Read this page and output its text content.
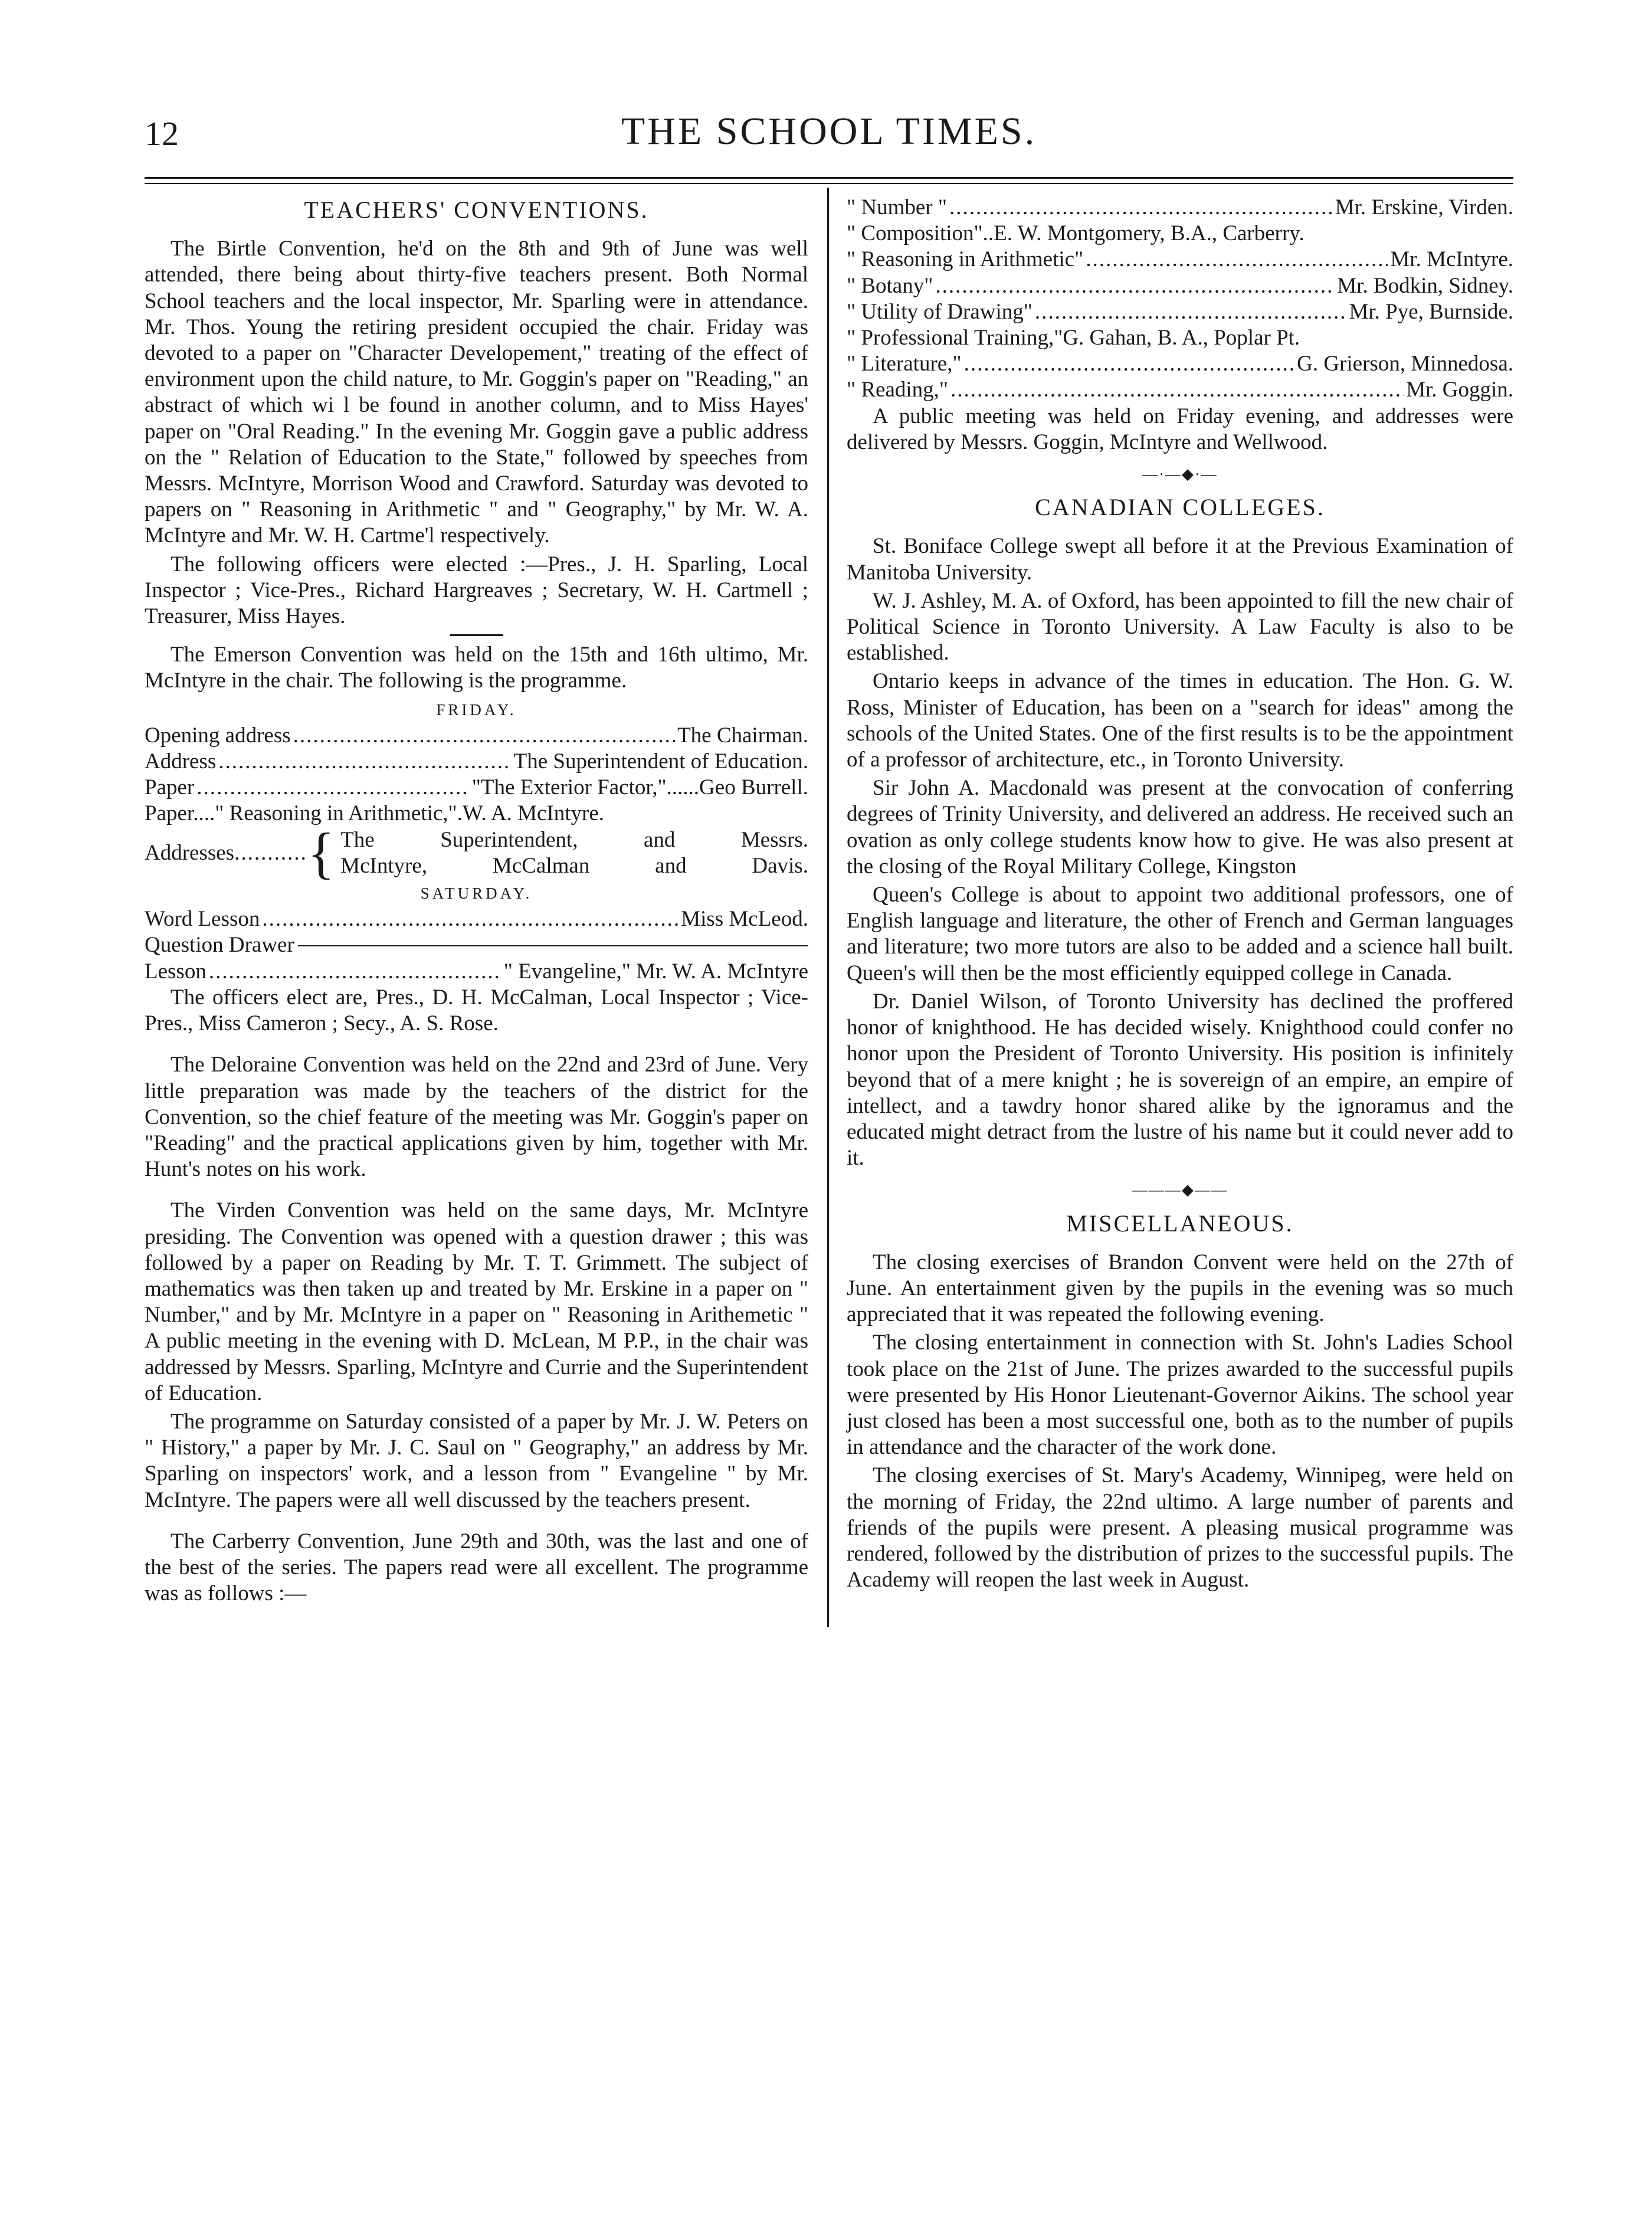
12	THE SCHOOL TIMES.
TEACHERS' CONVENTIONS.

The Birtle Convention, he'd on the 8th and 9th of June was well attended, there being about thirty-five teachers present. Both Normal School teachers and the local inspector, Mr. Sparling were in attendance. Mr. Thos. Young the retiring president occupied the chair. Friday was devoted to a paper on "Character Developement," treating of the effect of environment upon the child nature, to Mr. Goggin's paper on "Reading," an abstract of which wi l be found in another column, and to Miss Hayes' paper on "Oral Reading." In the evening Mr. Goggin gave a public address on the " Relation of Education to the State," followed by speeches from Messrs. McIntyre, Morrison Wood and Crawford. Saturday was devoted to papers on " Reasoning in Arithmetic " and " Geography," by Mr. W. A. McIntyre and Mr. W. H. Cartme'l respectively.

The following officers were elected :—Pres., J. H. Sparling, Local Inspector ; Vice-Pres., Richard Hargreaves ; Secretary, W. H. Cartmell ; Treasurer, Miss Hayes.

The Emerson Convention was held on the 15th and 16th ultimo, Mr. McIntyre in the chair. The following is the programme.

FRIDAY.
Opening address .....	The Chairman.
Address .....	The Superintendent of Education.
Paper .....	"The Exterior Factor,"......Geo Burrell.
Paper...." Reasoning in Arithmetic,". W. A. McIntyre.
Addresses ..... { The Superintendent, and Messrs.
McIntyre, McCalman and Davis.
SATURDAY.
Word Lesson .....	Miss McLeod.
Question Drawer
Lesson .....	" Evangeline," Mr. W. A. McIntyre

The officers elect are, Pres., D. H. McCalman, Local Inspector ; Vice-Pres., Miss Cameron ; Secy., A. S. Rose.

The Deloraine Convention was held on the 22nd and 23rd of June. Very little preparation was made by the teachers of the district for the Convention, so the chief feature of the meeting was Mr. Goggin's paper on "Reading" and the practical applications given by him, together with Mr. Hunt's notes on his work.

The Virden Convention was held on the same days, Mr. McIntyre presiding. The Convention was opened with a question drawer ; this was followed by a paper on Reading by Mr. T. T. Grimmett. The subject of mathematics was then taken up and treated by Mr. Erskine in a paper on " Number," and by Mr. McIntyre in a paper on " Reasoning in Arithemetic " A public meeting in the evening with D. McLean, M P.P., in the chair was addressed by Messrs. Sparling, McIntyre and Currie and the Superintendent of Education.

The programme on Saturday consisted of a paper by Mr. J. W. Peters on " History," a paper by Mr. J. C. Saul on " Geography," an address by Mr. Sparling on inspectors' work, and a lesson from " Evangeline " by Mr. McIntyre. The papers were all well discussed by the teachers present.

The Carberry Convention, June 29th and 30th, was the last and one of the best of the series. The papers read were all excellent. The programme was as follows :—

" Number " .....	Mr. Erskine, Virden.
" Composition".. E. W. Montgomery, B.A., Carberry.
" Reasoning in Arithmetic" .....	Mr. McIntyre.
" Botany" .....	Mr. Bodkin, Sidney.
" Utility of Drawing" .....	Mr. Pye, Burnside.
" Professional Training," G. Gahan, B. A., Poplar Pt.
" Literature," .....	G. Grierson, Minnedosa.
" Reading," .....	Mr. Goggin.

A public meeting was held on Friday evening, and addresses were delivered by Messrs. Goggin, McIntyre and Wellwood.

—·—◆·—
CANADIAN COLLEGES.

St. Boniface College swept all before it at the Previous Examination of Manitoba University.

W. J. Ashley, M. A. of Oxford, has been appointed to fill the new chair of Political Science in Toronto University. A Law Faculty is also to be established.

Ontario keeps in advance of the times in education. The Hon. G. W. Ross, Minister of Education, has been on a "search for ideas" among the schools of the United States. One of the first results is to be the appointment of a professor of architecture, etc., in Toronto University.

Sir John A. Macdonald was present at the convocation of conferring degrees of Trinity University, and delivered an address. He received such an ovation as only college students know how to give. He was also present at the closing of the Royal Military College, Kingston

Queen's College is about to appoint two additional professors, one of English language and literature, the other of French and German languages and literature; two more tutors are also to be added and a science hall built. Queen's will then be the most efficiently equipped college in Canada.

Dr. Daniel Wilson, of Toronto University has declined the proffered honor of knighthood. He has decided wisely. Knighthood could confer no honor upon the President of Toronto University. His position is infinitely beyond that of a mere knight ; he is sovereign of an empire, an empire of intellect, and a tawdry honor shared alike by the ignoramus and the educated might detract from the lustre of his name but it could never add to it.

———◆——
MISCELLANEOUS.

The closing exercises of Brandon Convent were held on the 27th of June. An entertainment given by the pupils in the evening was so much appreciated that it was repeated the following evening.

The closing entertainment in connection with St. John's Ladies School took place on the 21st of June. The prizes awarded to the successful pupils were presented by His Honor Lieutenant-Governor Aikins. The school year just closed has been a most successful one, both as to the number of pupils in attendance and the character of the work done.

The closing exercises of St. Mary's Academy, Winnipeg, were held on the morning of Friday, the 22nd ultimo. A large number of parents and friends of the pupils were present. A pleasing musical programme was rendered, followed by the distribution of prizes to the successful pupils. The Academy will reopen the last week in August.
